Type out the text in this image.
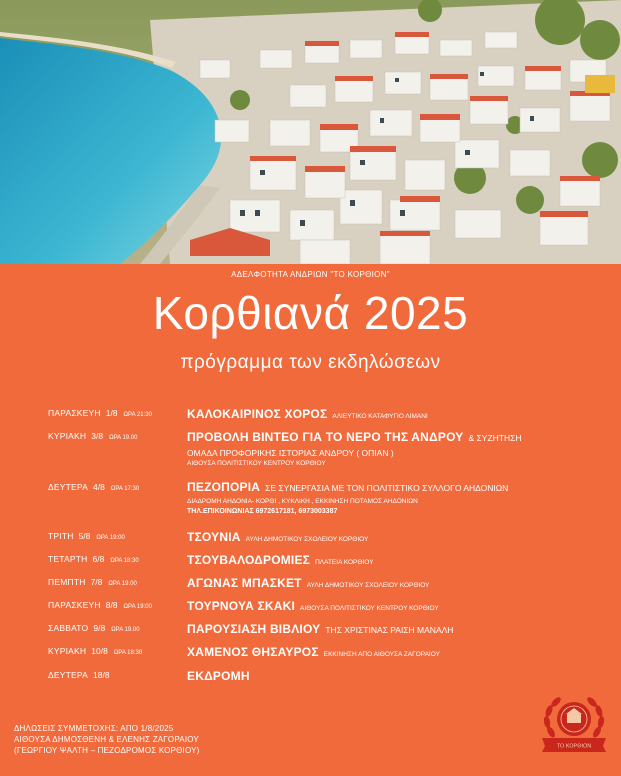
ΑΔΕΛΦΟΤΗΤΑ ΑΝΔΡΙΩΝ "ΤΟ ΚΟΡΘΙΟΝ"
Κορθιανά 2025
πρόγραμμα των εκδηλώσεων
ΠΑΡΑΣΚΕΥΗ 1/8 ΩΡΑ 21:30	ΚΑΛΟΚΑΙΡΙΝΟΣ ΧΟΡΟΣ ΑΛΙΕΥΤΙΚΟ ΚΑΤΑΦΥΓΙΟ ΛΙΜΑΝΙ
ΚΥΡΙΑΚΗ 3/8 ΩΡΑ 19.00	ΠΡΟΒΟΛΗ ΒΙΝΤΕΟ ΓΙΑ ΤΟ ΝΕΡΟ ΤΗΣ ΑΝΔΡΟΥ & ΣΥΖΗΤΗΣΗ
ΟΜΑΔΑ ΠΡΟΦΟΡΙΚΗΣ ΙΣΤΟΡΙΑΣ ΑΝΔΡΟΥ ( ΟΠΙΑΝ )
ΑΙΘΟΥΣΑ ΠΟΛΙΤΙΣΤΙΚΟΥ ΚΕΝΤΡΟΥ ΚΟΡΘΙΟΥ
ΔΕΥΤΕΡΑ 4/8 ΩΡΑ 17:30	ΠΕΖΟΠΟΡΙΑ ΣΕ ΣΥΝΕΡΓΑΣΙΑ ΜΕ ΤΟΝ ΠΟΛΙΤΙΣΤΙΚΟ ΣΥΛΛΟΓΟ ΑΗΔΟΝΙΩΝ
ΔΙΑΔΡΟΜΗ ΑΗΔΟΝΙΑ- ΚΟΡΘΙ , ΚΥΚΛΙΚΗ , ΕΚΚΙΝΗΣΗ ΠΟΤΑΜΟΣ ΑΗΔΟΝΙΩΝ
ΤΗΛ.ΕΠΙΚΟΙΝΩΝΙΑΣ 6972617181, 6973003387
ΤΡΙΤΗ 5/8 ΩΡΑ 19:00	ΤΣΟΥΝΙΑ ΑΥΛΗ ΔΗΜΟΤΙΚΟΥ ΣΧΟΛΕΙΟΥ ΚΟΡΘΙΟΥ
ΤΕΤΑΡΤΗ 6/8 ΩΡΑ 18:30	ΤΣΟΥΒΑΛΟΔΡΟΜΙΕΣ ΠΛΑΤΕΙΑ ΚΟΡΘΙΟΥ
ΠΕΜΠΤΗ 7/8 ΩΡΑ 19.00	ΑΓΩΝΑΣ ΜΠΑΣΚΕΤ ΑΥΛΗ ΔΗΜΟΤΙΚΟΥ ΣΧΟΛΕΙΟΥ ΚΟΡΘΙΟΥ
ΠΑΡΑΣΚΕΥΗ 8/8 ΩΡΑ 19:00	ΤΟΥΡΝΟΥΑ ΣΚΑΚΙ ΑΙΘΟΥΣΑ ΠΟΛΙΤΙΣΤΙΚΟΥ ΚΕΝΤΡΟΥ ΚΟΡΘΙΟΥ
ΣΑΒΒΑΤΟ 9/8 ΩΡΑ 19.00	ΠΑΡΟΥΣΙΑΣΗ ΒΙΒΛΙΟΥ ΤΗΣ ΧΡΙΣΤΙΝΑΣ ΡΑΙΣΗ ΜΑΝΑΛΗ
ΚΥΡΙΑΚΗ 10/8 ΩΡΑ 18:30	ΧΑΜΕΝΟΣ ΘΗΣΑΥΡΟΣ ΕΚΚΙΝΗΣΗ ΑΠΟ ΑΙΘΟΥΣΑ ΖΑΓΟΡΑΙΟΥ
ΔΕΥΤΕΡΑ 18/8	ΕΚΔΡΟΜΗ
ΔΗΛΩΣΕΙΣ ΣΥΜΜΕΤΟΧΗΣ: ΑΠΟ 1/8/2025
ΑΙΘΟΥΣΑ ΔΗΜΟΣΘΕΝΗ & ΕΛΕΝΗΣ ΖΑΓΟΡΑΙΟΥ
(ΓΕΩΡΓΙΟΥ ΨΑΛΤΗ – ΠΕΖΟΔΡΟΜΟΣ ΚΟΡΘΙΟΥ)	ΤΟ ΚΟΡΘΙΟΝ
